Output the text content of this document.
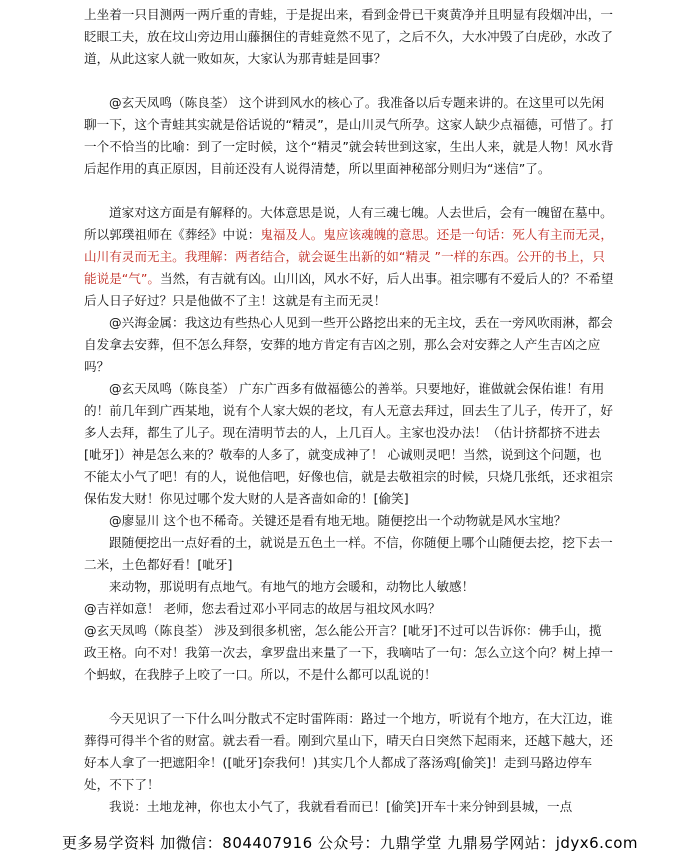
上坐着一只目测两一两斤重的青蛙，于是捉出来，看到金骨已干爽黄净并且明显有段烟冲出，一眨眼工夫，放在坟山旁边用山藤捆住的青蛙竟然不见了，之后不久，大水冲毁了白虎砂，水改了道，从此这家人就一败如灰，大家认为那青蛙是回事？

@玄天凤鸣（陈良荃） 这个讲到风水的核心了。我准备以后专题来讲的。在这里可以先闲聊一下，这个青蛙其实就是俗话说的“精灵”，是山川灵气所孕。这家人缺少点福德，可惜了。打一个不恰当的比喻：到了一定时候，这个“精灵”就会转世到这家，生出人来，就是人物！风水背后起作用的真正原因，目前还没有人说得清楚，所以里面神秘部分则归为“迷信”了。

道家对这方面是有解释的。大体意思是说，人有三魂七魄。人去世后，会有一魄留在墓中。所以郭璞祖师在《葬经》中说：鬼福及人。鬼应该魂魄的意思。还是一句话：死人有主而无灵，山川有灵而无主。我理解：两者结合，就会诞生出新的如“精灵 ”一样的东西。公开的书上，只能说是“气”。当然，有吉就有凶。山川凶，风水不好，后人出事。祖宗哪有不爱后人的？不希望后人日子好过？只是他做不了主！这就是有主而无灵！

@兴海金属：我这边有些热心人见到一些开公路挖出来的无主坟，丢在一旁风吹雨淋，都会自发拿去安葬，但不怎么拜祭，安葬的地方肯定有吉凶之别，那么会对安葬之人产生吉凶之应吗？

@玄天凤鸣（陈良荃） 广东广西多有做福德公的善举。只要地好，谁做就会保佑谁！有用的！前几年到广西某地，说有个人家大娱的老坟，有人无意去拜过，回去生了儿子，传开了，好多人去拜，都生了儿子。现在清明节去的人，上几百人。主家也没办法！（估计挤都挤不进去[呲牙]）神是怎么来的？敬奉的人多了，就变成神了！ 心诚则灵吧！当然，说到这个问题，也不能太小气了吧！有的人，说他信吧，好像也信，就是去敬祖宗的时候，只烧几张纸，还求祖宗保佑发大财！你见过哪个发大财的人是吝啬如命的！[偷笑]

@廖显川 这个也不稀奇。关键还是看有地无地。随便挖出一个动物就是风水宝地？

跟随便挖出一点好看的土，就说是五色土一样。不信，你随便上哪个山随便去挖，挖下去一二米，土色都好看！[呲牙]

来动物，那说明有点地气。有地气的地方会暖和，动物比人敏感！

@吉祥如意！ 老师，您去看过邓小平同志的故居与祖坟风水吗？

@玄天凤鸣（陈良荃） 涉及到很多机密，怎么能公开言？[呲牙]不过可以告诉你：佛手山，揽政王格。向不对！我第一次去，拿罗盘出来量了一下，我嘀咕了一句：怎么立这个向？树上掉一个蚂蚁，在我脖子上咬了一口。所以，不是什么都可以乱说的！

今天见识了一下什么叫分散式不定时雷阵雨：路过一个地方，听说有个地方，在大江边，谁葬得可得半个省的财富。就去看一看。刚到穴星山下，晴天白日突然下起雨来，还越下越大，还好本人拿了一把遮阳伞！([呲牙]奈我何！)其实几个人都成了落汤鸡[偷笑]！走到马路边停车处，不下了！

我说：土地龙神，你也太小气了，我就看看而已！[偷笑]开车十来分钟到县城，一点

更多易学资料 加微信：804407916 公众号：九鼎学堂 九鼎易学网站：jdyx6.com
